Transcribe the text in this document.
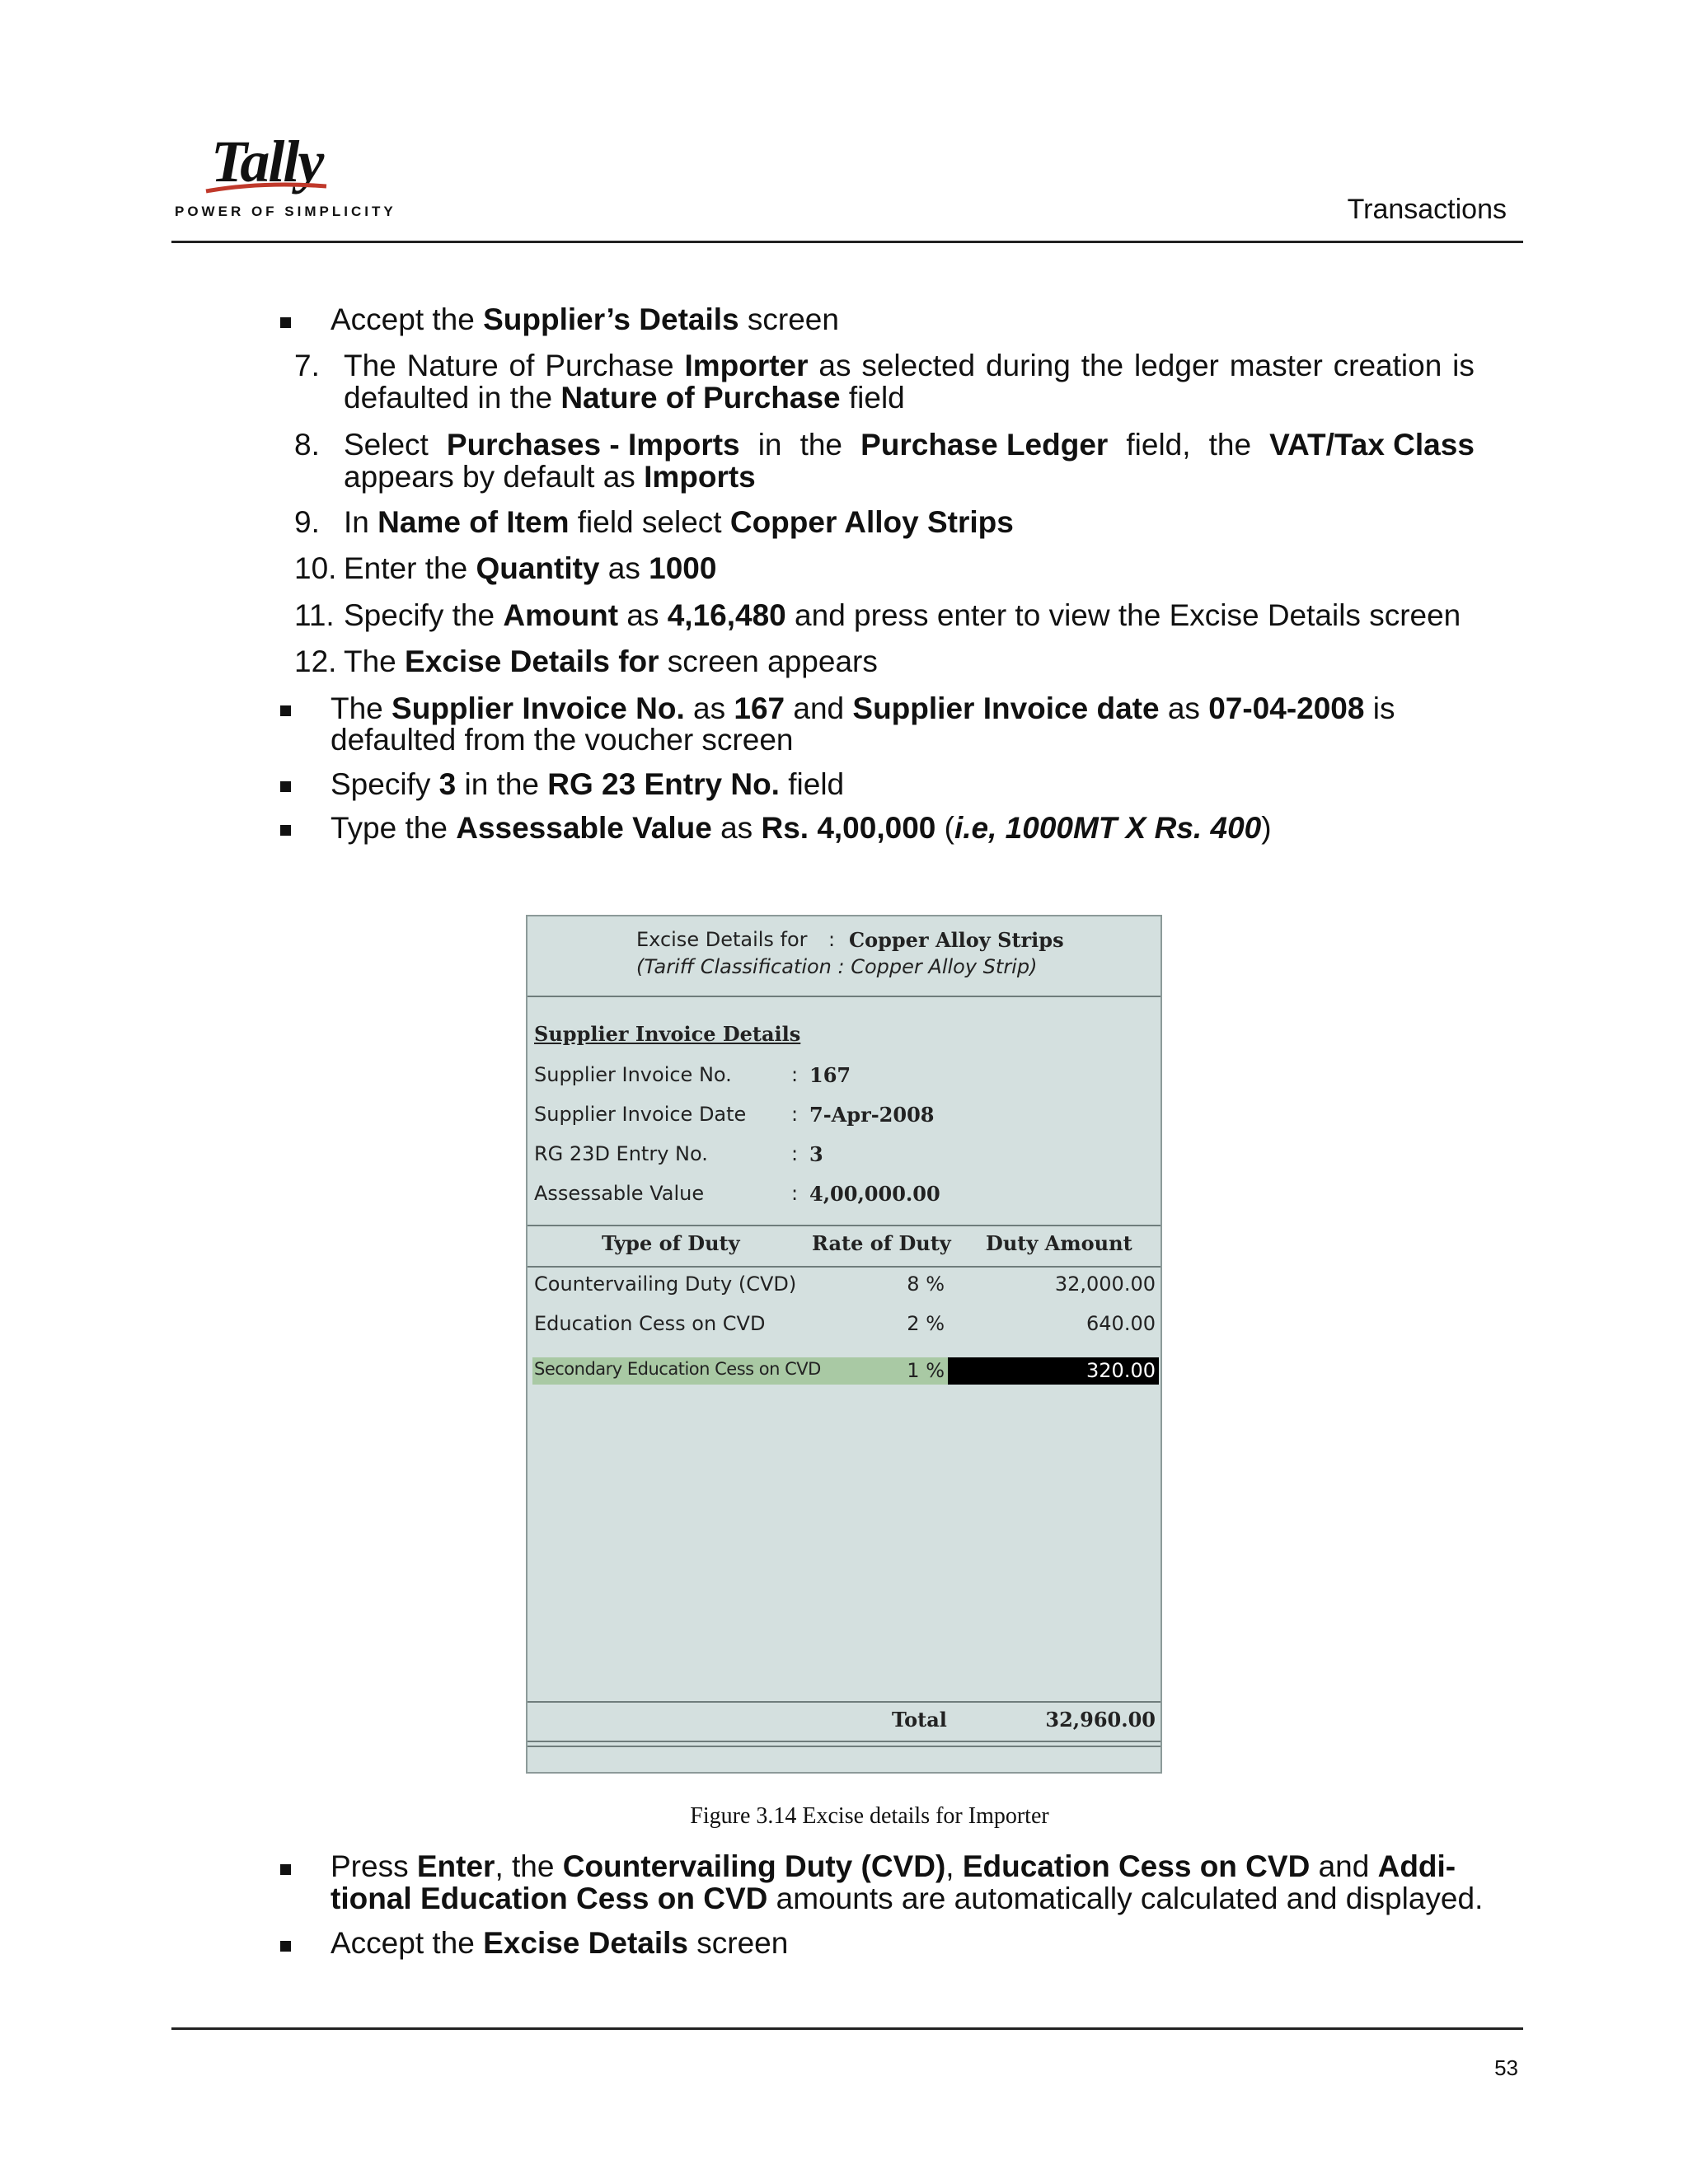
Tally
POWER OF SIMPLICITY	Transactions
Accept the Supplier’s Details screen
7. The Nature of Purchase Importer as selected during the ledger master creation is
defaulted in the Nature of Purchase field
8. Select Purchases - Imports in the Purchase Ledger field, the VAT/Tax Class
appears by default as Imports
9. In Name of Item field select Copper Alloy Strips
10. Enter the Quantity as 1000
11. Specify the Amount as 4,16,480 and press enter to view the Excise Details screen
12. The Excise Details for screen appears
The Supplier Invoice No. as 167 and Supplier Invoice date as 07-04-2008 is
defaulted from the voucher screen
Specify 3 in the RG 23 Entry No. field
Type the Assessable Value as Rs. 4,00,000 (i.e, 1000MT X Rs. 400)
Excise Details for : Copper Alloy Strips
(Tariff Classification : Copper Alloy Strip)
Supplier Invoice Details
Supplier Invoice No.	: 167
Supplier Invoice Date : 7-Apr-2008
RG 23D Entry No.	: 3
Assessable Value	: 4,00,000.00
Type of Duty	Rate of Duty Duty Amount
Countervailing Duty (CVD)	8 %	32,000.00
Education Cess on CVD	2 %	640.00
Secondary Education Cess on CVD	1 %	320.00
Total	32,960.00
Figure 3.14 Excise details for Importer
Press Enter, the Countervailing Duty (CVD), Education Cess on CVD and Addi-
tional Education Cess on CVD amounts are automatically calculated and displayed.
Accept the Excise Details screen
53
